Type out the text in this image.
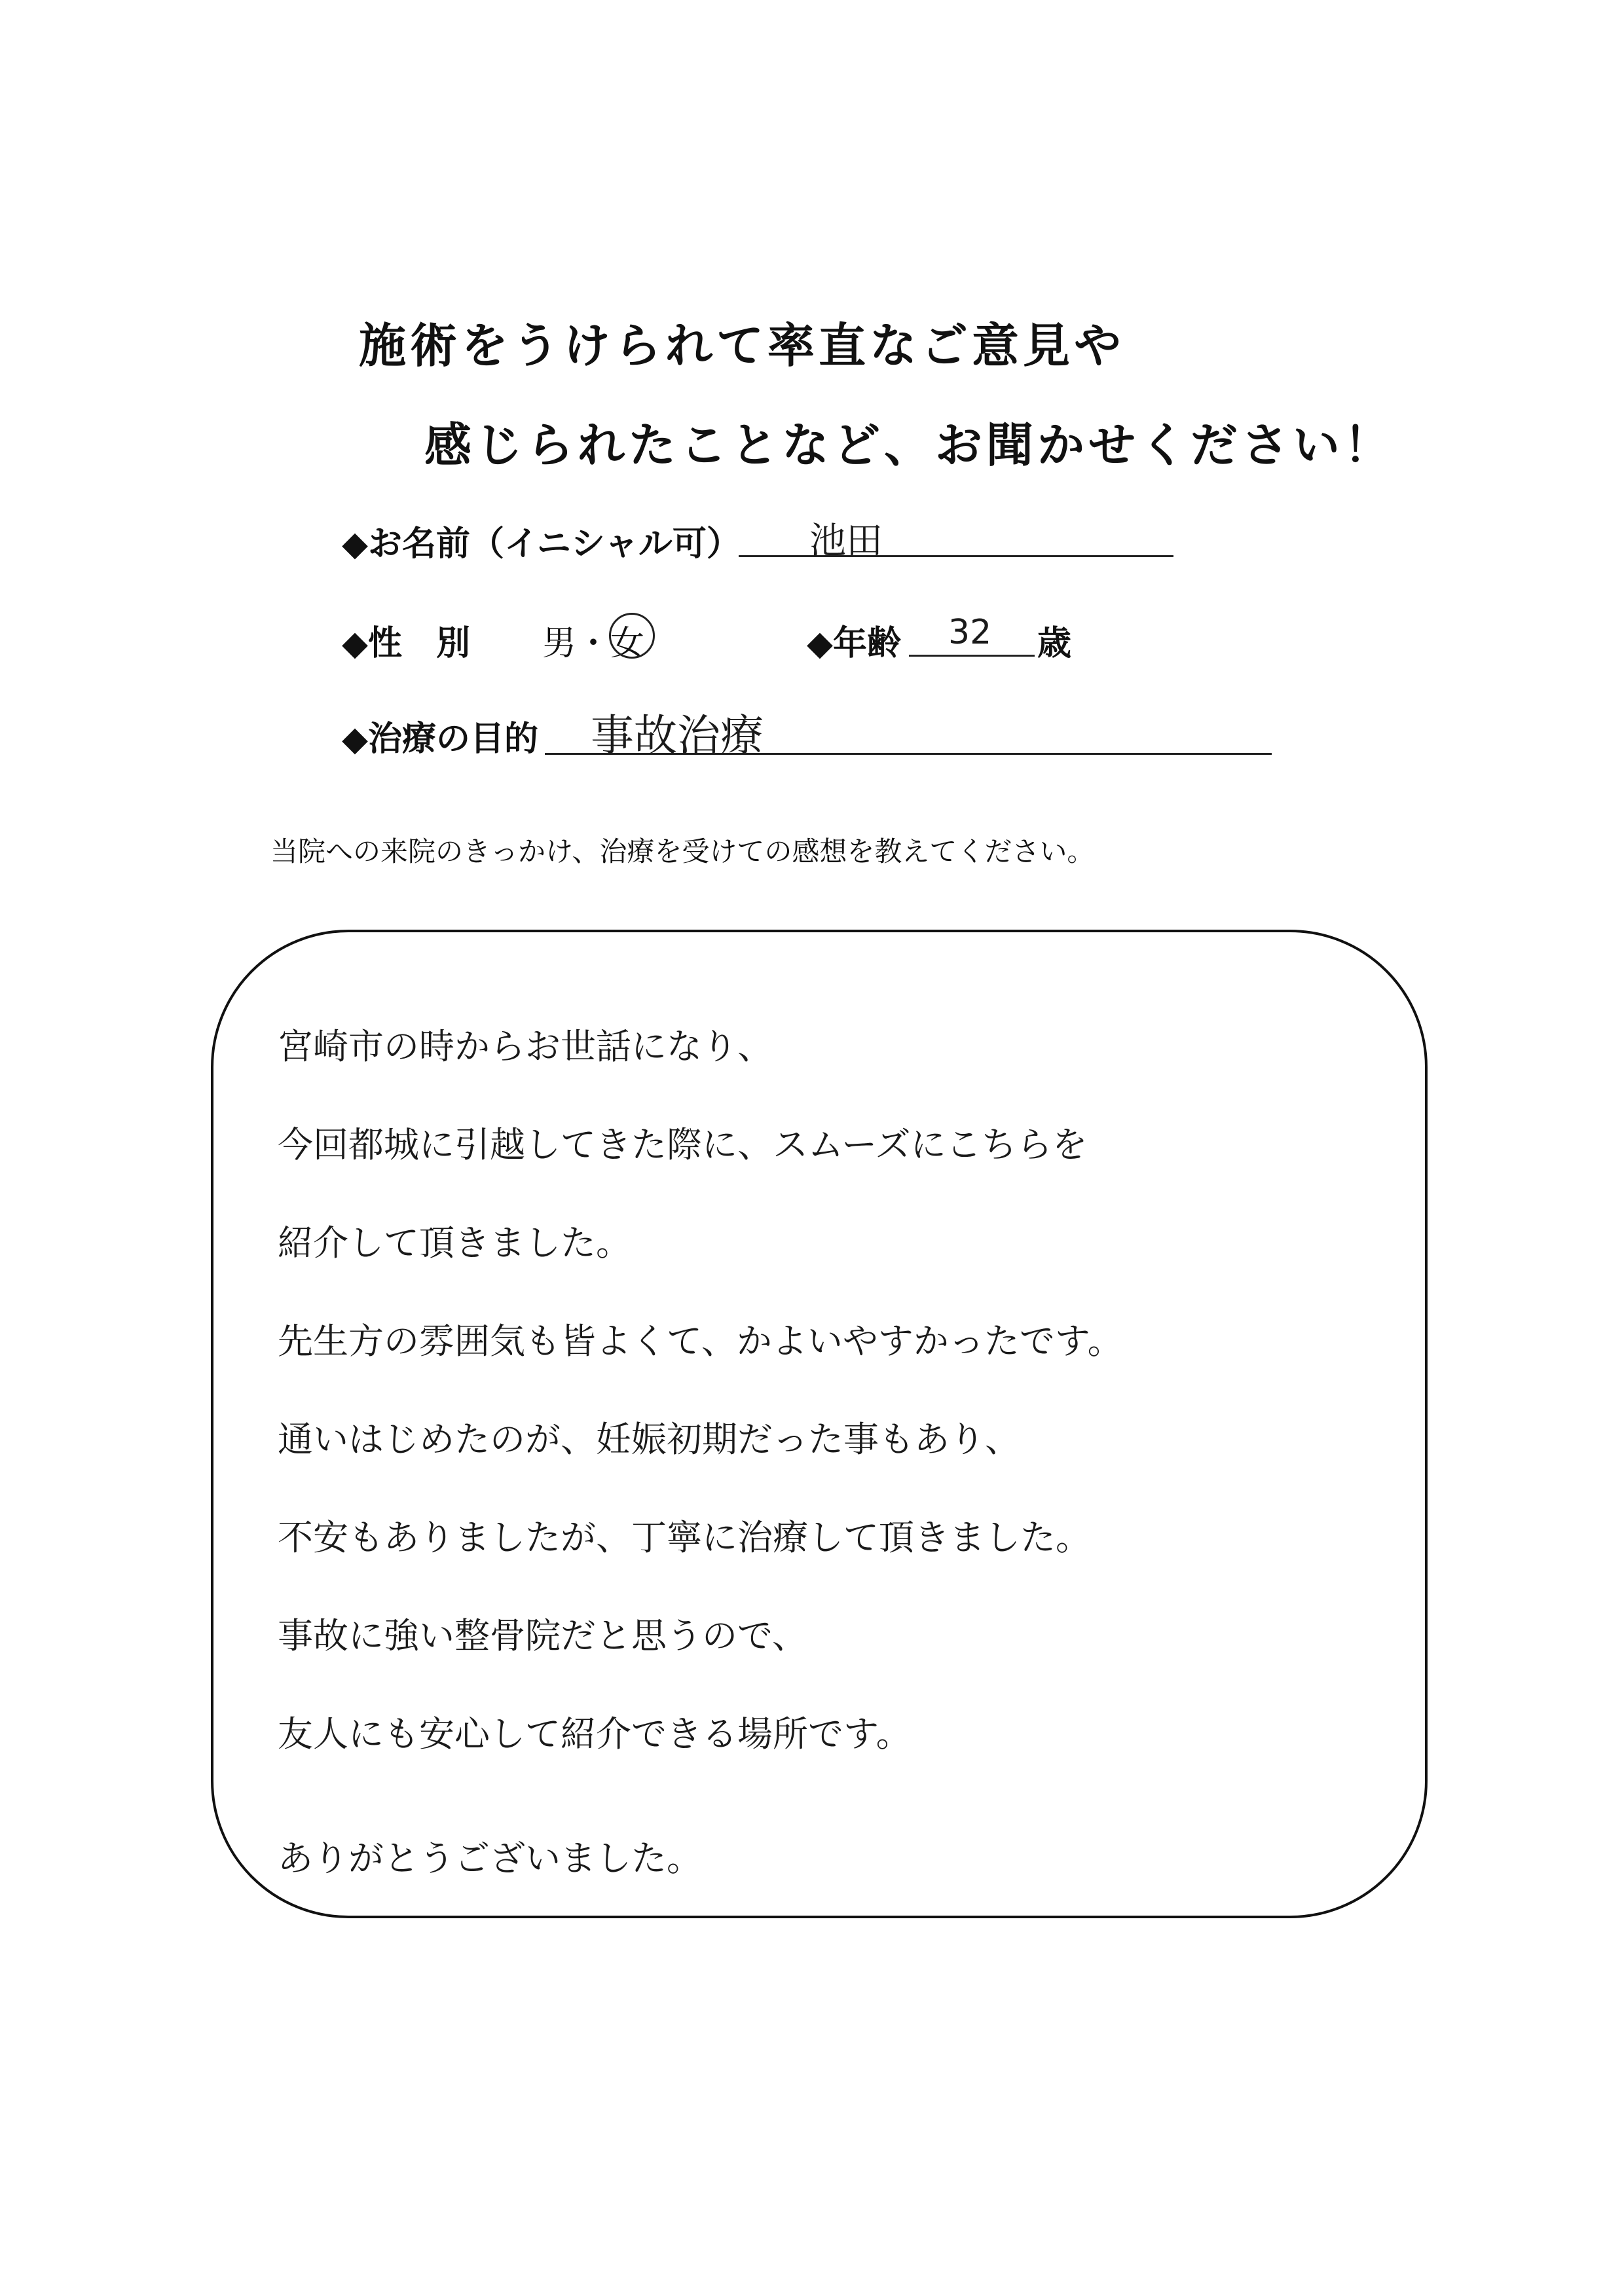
施術をうけられて率直なご意見や
感じられたことなど、お聞かせください！
◆お名前（イニシャル可） 池田
◆性　別 男・女	◆年齢 32 歳
◆治療の目的 事故治療
当院への来院のきっかけ、治療を受けての感想を教えてください。
宮崎市の時からお世話になり、
今回都城に引越してきた際に、スムーズにこちらを
紹介して頂きました。
先生方の雰囲気も皆よくて、かよいやすかったです。
通いはじめたのが、妊娠初期だった事もあり、
不安もありましたが、丁寧に治療して頂きました。
事故に強い整骨院だと思うので、
友人にも安心して紹介できる場所です。
ありがとうございました。
